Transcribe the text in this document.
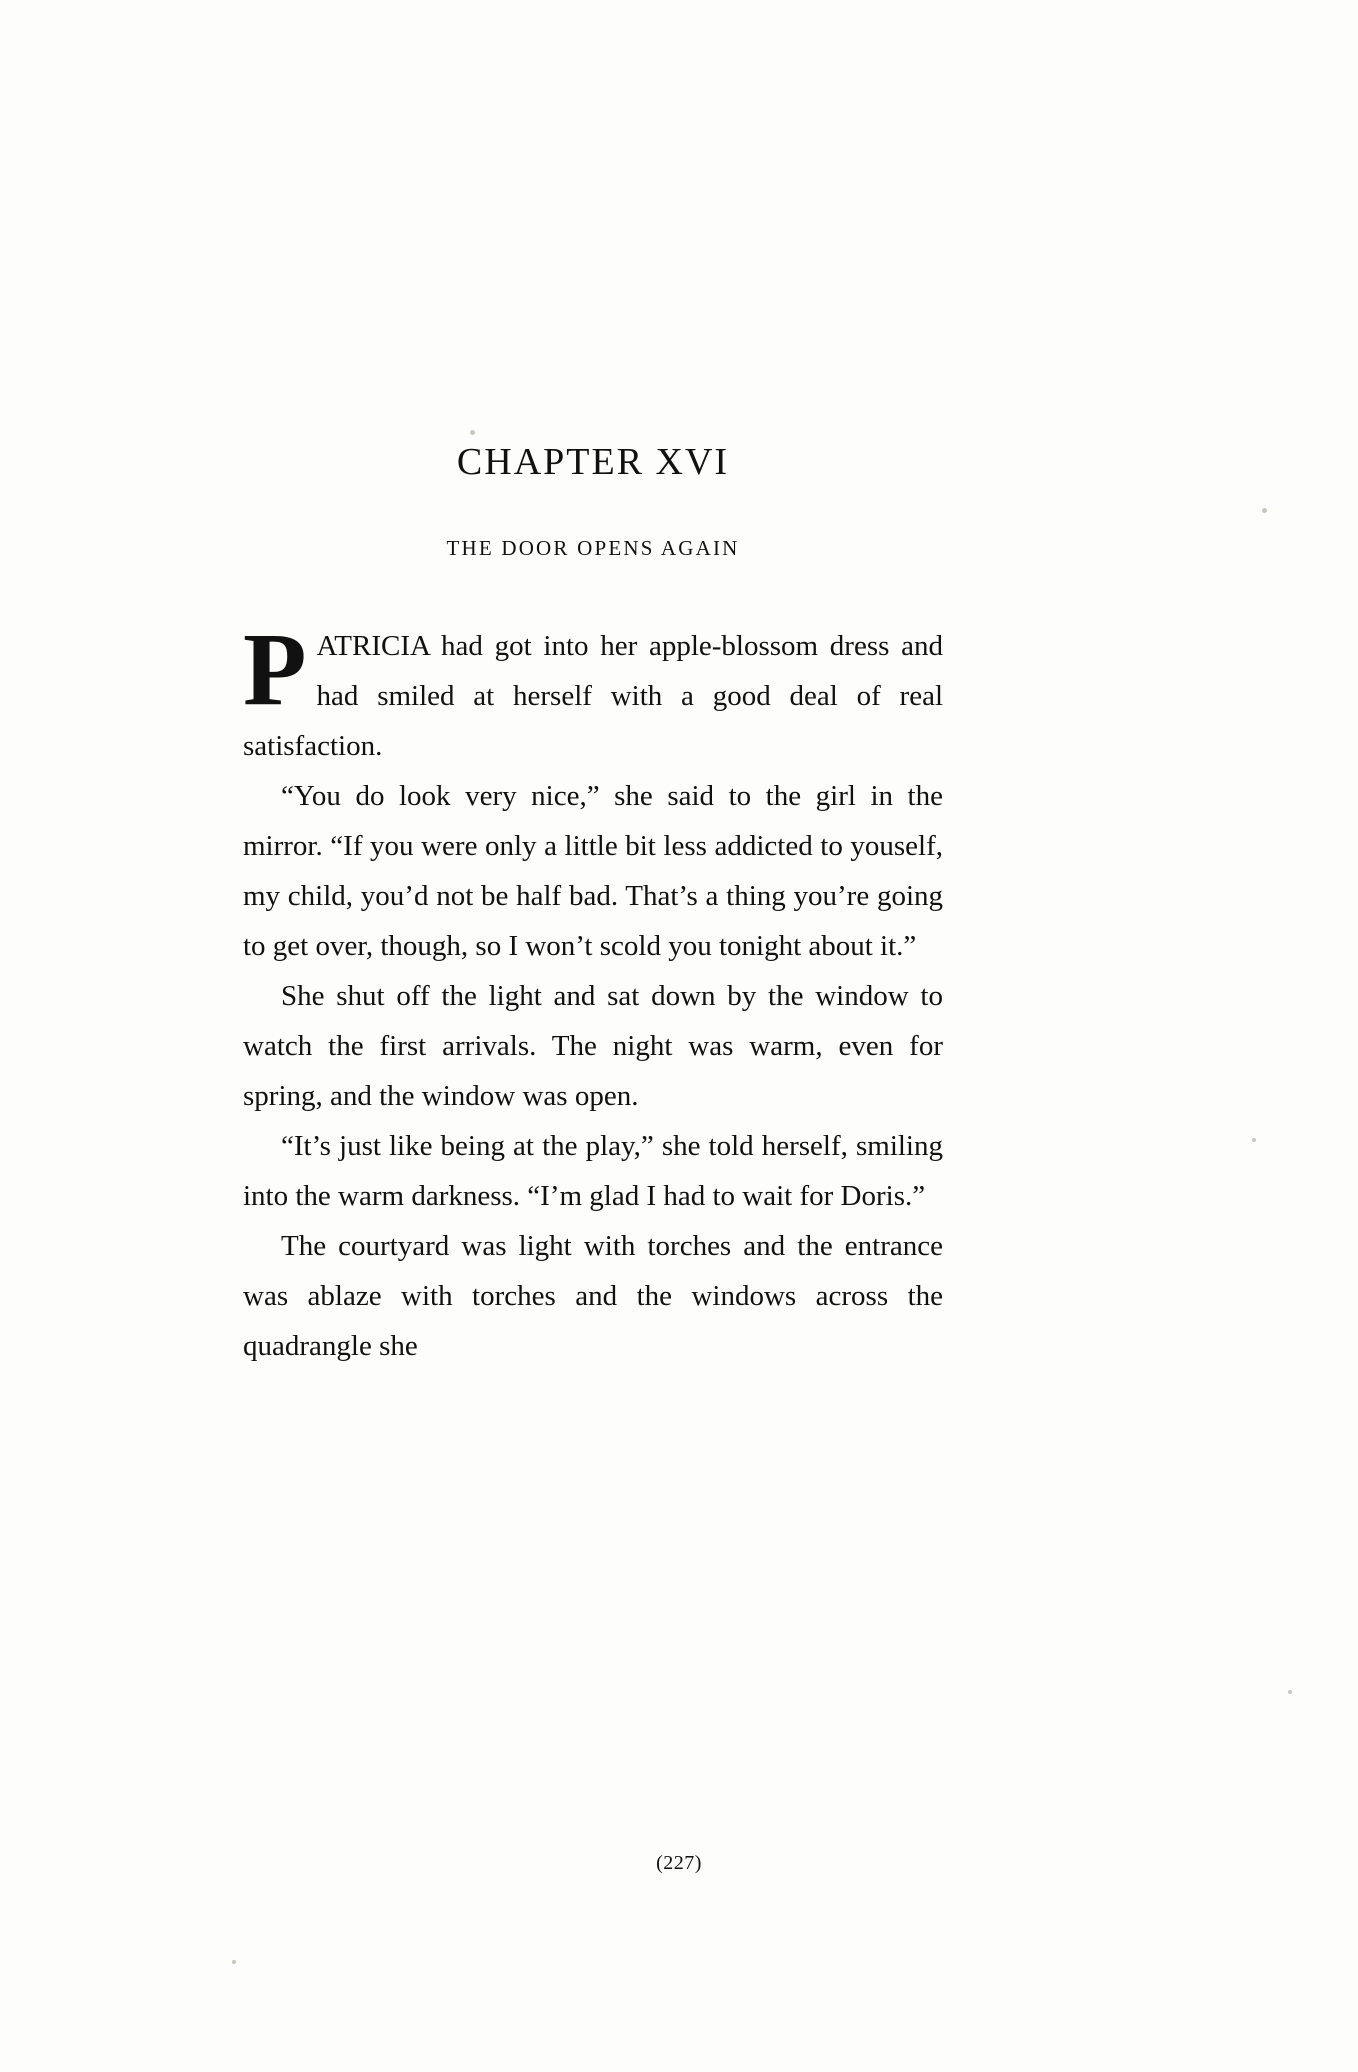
CHAPTER XVI
THE DOOR OPENS AGAIN

PATRICIA had got into her apple-blossom dress and had smiled at herself with a good deal of real satisfaction.

“You do look very nice,” she said to the girl in the mirror. “If you were only a little bit less addicted to youself, my child, you’d not be half bad. That’s a thing you’re going to get over, though, so I won’t scold you tonight about it.”

She shut off the light and sat down by the window to watch the first arrivals. The night was warm, even for spring, and the window was open.

“It’s just like being at the play,” she told herself, smiling into the warm darkness. “I’m glad I had to wait for Doris.”

The courtyard was light with torches and the entrance was ablaze with torches and the windows across the quadrangle she

(227)
